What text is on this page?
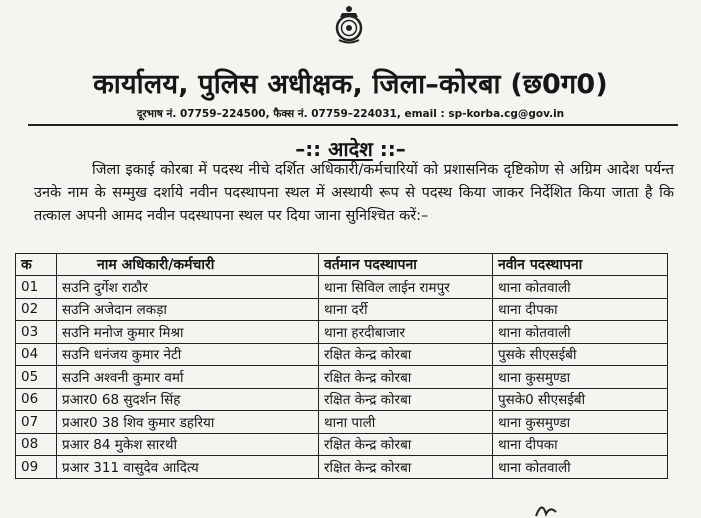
कार्यालय, पुलिस अधीक्षक, जिला–कोरबा (छ0ग0)
दूरभाष नं. 07759–224500, फैक्स नं. 07759–224031, email : sp-korba.cg@gov.in
–:: आदेश ::–
जिला इकाई कोरबा में पदस्थ नीचे दर्शित अधिकारी/कर्मचारियों को प्रशासनिक दृष्टिकोण से अग्रिम आदेश पर्यन्त उनके नाम के सम्मुख दर्शाये नवीन पदस्थापना स्थल में अस्थायी रूप से पदस्थ किया जाकर निर्देशित किया जाता है कि तत्काल अपनी आमद नवीन पदस्थापना स्थल पर दिया जाना सुनिश्चित करें:–
क	नाम अधिकारी/कर्मचारी	वर्तमान पदस्थापना	नवीन पदस्थापना
01	सउनि दुर्गेश राठौर	थाना सिविल लाईन रामपुर	थाना कोतवाली
02	सउनि अजेदान लकड़ा	थाना दर्री	थाना दीपका
03	सउनि मनोज कुमार मिश्रा	थाना हरदीबाजार	थाना कोतवाली
04	सउनि धनंजय कुमार नेटी	रक्षित केन्द्र कोरबा	पुसके सीएसईबी
05	सउनि अश्वनी कुमार वर्मा	रक्षित केन्द्र कोरबा	थाना कुसमुण्डा
06	प्रआर0 68 सुदर्शन सिंह	रक्षित केन्द्र कोरबा	पुसके0 सीएसईबी
07	प्रआर0 38 शिव कुमार डहरिया	थाना पाली	थाना कुसमुण्डा
08	प्रआर 84 मुकेश सारथी	रक्षित केन्द्र कोरबा	थाना दीपका
09	प्रआर 311 वासुदेव आदित्य	रक्षित केन्द्र कोरबा	थाना कोतवाली
